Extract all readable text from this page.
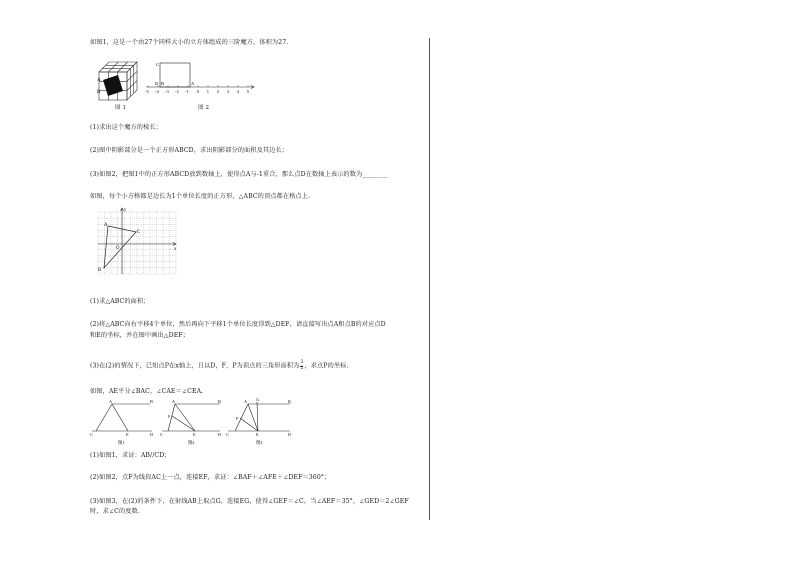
如图1，这是一个由27个同样大小的立方体组成的三阶魔方，体积为27.
A
B
图 1
-5 -4 -3 -2 -1 0 1 2 3 4 5
C
A
D B
图 2
(1)求出这个魔方的棱长；
(2)图中阴影部分是一个正方形ABCD，求出阴影部分的面积及其边长；
(3)如图2，把图1中的正方形ABCD放到数轴上，使得点A与-1重合，那么点D在数轴上表示的数为________
如图，每个小方格都是边长为1个单位长度的正方形，△ABC的顶点都在格点上.
A
C
B
O	x
y
(1)求△ABC的面积；
(2)将△ABC向右平移4个单位，然后再向下平移1个单位长度得到△DEF，请直接写出点A和点B的对应点D
和E的坐标，并在图中画出△DEF；
(3)在(2)的情况下，已知点P在x轴上，且以D，F，P为顶点的三角形面积为 $\frac{3}{2}$ ，求点P的坐标.
如图，AE平分∠BAC，∠CAE＝∠CEA.
A	B
C	E	D
A	B
C	E	D
F
A G	B
C	E	D
F
图1	图2	图3
(1)如图1，求证：AB//CD；
(2)如图2，点F为线段AC上一点，连接EF，求证：∠BAF＋∠AFE＋∠DEF＝360°；
(3)如图3，在(2)的条件下，在射线AB上取点G，连接EG，使得∠GEF＝∠C，当∠AEF＝35°，∠GED＝2∠GEF
时，求∠C的度数.
